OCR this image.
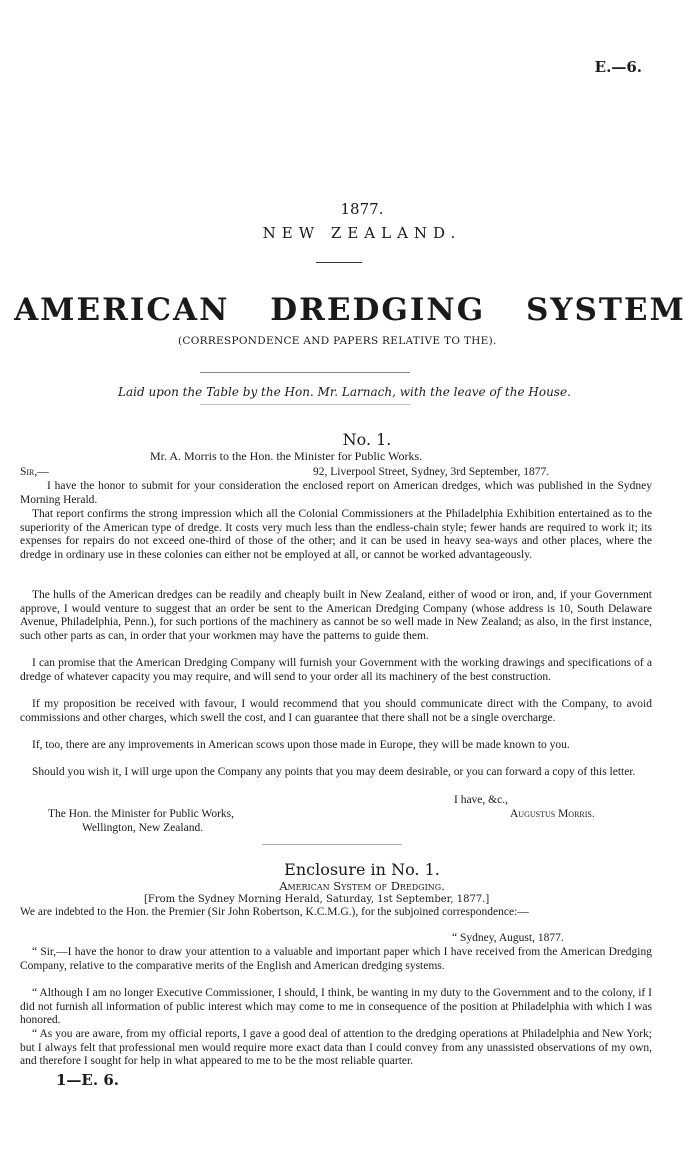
E.—6.
1877.
NEW ZEALAND.
AMERICAN DREDGING SYSTEM
(CORRESPONDENCE AND PAPERS RELATIVE TO THE).
Laid upon the Table by the Hon. Mr. Larnach, with the leave of the House.
No. 1.
Mr. A. Morris to the Hon. the Minister for Public Works.
Sir,—	92, Liverpool Street, Sydney, 3rd September, 1877.

I have the honor to submit for your consideration the enclosed report on American dredges, which was published in the Sydney Morning Herald.

That report confirms the strong impression which all the Colonial Commissioners at the Philadelphia Exhibition entertained as to the superiority of the American type of dredge. It costs very much less than the endless-chain style; fewer hands are required to work it; its expenses for repairs do not exceed one-third of those of the other; and it can be used in heavy sea-ways and other places, where the dredge in ordinary use in these colonies can either not be employed at all, or cannot be worked advantageously.

The hulls of the American dredges can be readily and cheaply built in New Zealand, either of wood or iron, and, if your Government approve, I would venture to suggest that an order be sent to the American Dredging Company (whose address is 10, South Delaware Avenue, Philadelphia, Penn.), for such portions of the machinery as cannot be so well made in New Zealand; as also, in the first instance, such other parts as can, in order that your workmen may have the patterns to guide them.

I can promise that the American Dredging Company will furnish your Government with the working drawings and specifications of a dredge of whatever capacity you may require, and will send to your order all its machinery of the best construction.

If my proposition be received with favour, I would recommend that you should communicate direct with the Company, to avoid commissions and other charges, which swell the cost, and I can guarantee that there shall not be a single overcharge.

If, too, there are any improvements in American scows upon those made in Europe, they will be made known to you.

Should you wish it, I will urge upon the Company any points that you may deem desirable, or you can forward a copy of this letter.

I have, &c.,
The Hon. the Minister for Public Works,	Augustus Morris.
Wellington, New Zealand.
Enclosure in No. 1.
American System of Dredging.
[From the Sydney Morning Herald, Saturday, 1st September, 1877.]

We are indebted to the Hon. the Premier (Sir John Robertson, K.C.M.G.), for the subjoined correspondence:—

“ Sydney, August, 1877.

“ Sir,—I have the honor to draw your attention to a valuable and important paper which I have received from the American Dredging Company, relative to the comparative merits of the English and American dredging systems.

“ Although I am no longer Executive Commissioner, I should, I think, be wanting in my duty to the Government and to the colony, if I did not furnish all information of public interest which may come to me in consequence of the position at Philadelphia with which I was honored.

“ As you are aware, from my official reports, I gave a good deal of attention to the dredging operations at Philadelphia and New York; but I always felt that professional men would require more exact data than I could convey from any unassisted observations of my own, and therefore I sought for help in what appeared to me to be the most reliable quarter.

1—E. 6.
